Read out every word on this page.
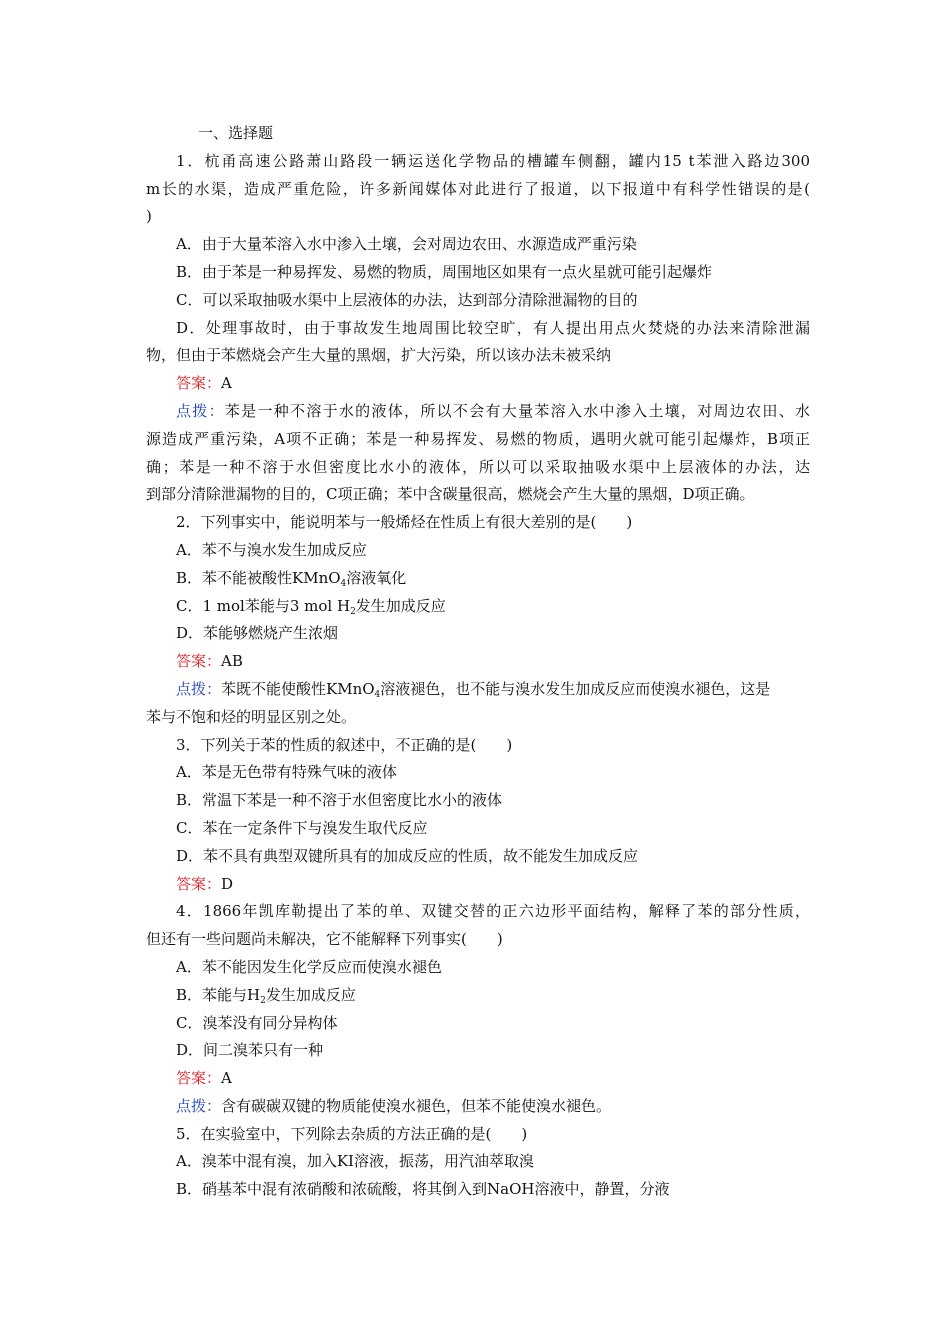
一、选择题
1．杭甬高速公路萧山路段一辆运送化学物品的槽罐车侧翻，罐内15 t苯泄入路边300
m长的水渠，造成严重危险，许多新闻媒体对此进行了报道，以下报道中有科学性错误的是(
)
A．由于大量苯溶入水中渗入土壤，会对周边农田、水源造成严重污染
B．由于苯是一种易挥发、易燃的物质，周围地区如果有一点火星就可能引起爆炸
C．可以采取抽吸水渠中上层液体的办法，达到部分清除泄漏物的目的
D．处理事故时，由于事故发生地周围比较空旷，有人提出用点火焚烧的办法来清除泄漏
物，但由于苯燃烧会产生大量的黑烟，扩大污染，所以该办法未被采纳
答案：A
点拨：苯是一种不溶于水的液体，所以不会有大量苯溶入水中渗入土壤，对周边农田、水
源造成严重污染，A项不正确；苯是一种易挥发、易燃的物质，遇明火就可能引起爆炸，B项正
确；苯是一种不溶于水但密度比水小的液体，所以可以采取抽吸水渠中上层液体的办法，达
到部分清除泄漏物的目的，C项正确；苯中含碳量很高，燃烧会产生大量的黑烟，D项正确。
2．下列事实中，能说明苯与一般烯烃在性质上有很大差别的是(　　)
A．苯不与溴水发生加成反应
B．苯不能被酸性KMnO$_4$溶液氧化
C．1 mol苯能与3 mol $H_2$发生加成反应
D．苯能够燃烧产生浓烟
答案：AB
点拨：苯既不能使酸性KMnO$_4$溶液褪色，也不能与溴水发生加成反应而使溴水褪色，这是
苯与不饱和烃的明显区别之处。
3．下列关于苯的性质的叙述中，不正确的是(　　)
A．苯是无色带有特殊气味的液体
B．常温下苯是一种不溶于水但密度比水小的液体
C．苯在一定条件下与溴发生取代反应
D．苯不具有典型双键所具有的加成反应的性质，故不能发生加成反应
答案：D
4．1866年凯库勒提出了苯的单、双键交替的正六边形平面结构，解释了苯的部分性质，
但还有一些问题尚未解决，它不能解释下列事实(　　)
A．苯不能因发生化学反应而使溴水褪色
B．苯能与$H_2$发生加成反应
C．溴苯没有同分异构体
D．间二溴苯只有一种
答案：A
点拨：含有碳碳双键的物质能使溴水褪色，但苯不能使溴水褪色。
5．在实验室中，下列除去杂质的方法正确的是(　　)
A．溴苯中混有溴，加入KI溶液，振荡，用汽油萃取溴
B．硝基苯中混有浓硝酸和浓硫酸，将其倒入到NaOH溶液中，静置，分液
